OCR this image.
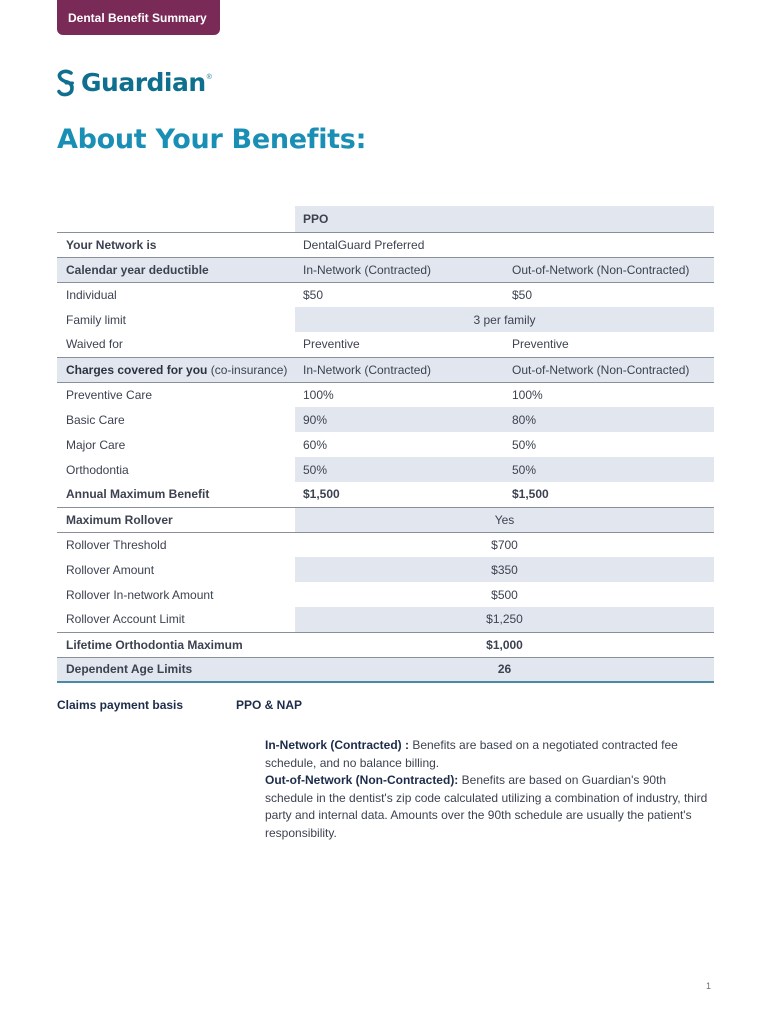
Dental Benefit Summary
Guardian ®
About Your Benefits:
	PPO	
Your Network is	DentalGuard Preferred	
Calendar year deductible	In-Network (Contracted)	Out-of-Network (Non-Contracted)
Individual	$50	$50
Family limit	3 per family	
Waived for	Preventive	Preventive
Charges covered for you (co-insurance)	In-Network (Contracted)	Out-of-Network (Non-Contracted)
Preventive Care	100%	100%
Basic Care	90%	80%
Major Care	60%	50%
Orthodontia	50%	50%
Annual Maximum Benefit	$1,500	$1,500
Maximum Rollover	Yes	
Rollover Threshold	$700	
Rollover Amount	$350	
Rollover In-network Amount	$500	
Rollover Account Limit	$1,250	
Lifetime Orthodontia Maximum	$1,000	
Dependent Age Limits	26	
Claims payment basis	PPO & NAP

In-Network (Contracted) : Benefits are based on a negotiated contracted fee schedule, and no balance billing.

Out-of-Network (Non-Contracted): Benefits are based on Guardian's 90th schedule in the dentist's zip code calculated utilizing a combination of industry, third party and internal data. Amounts over the 90th schedule are usually the patient's responsibility.

1
